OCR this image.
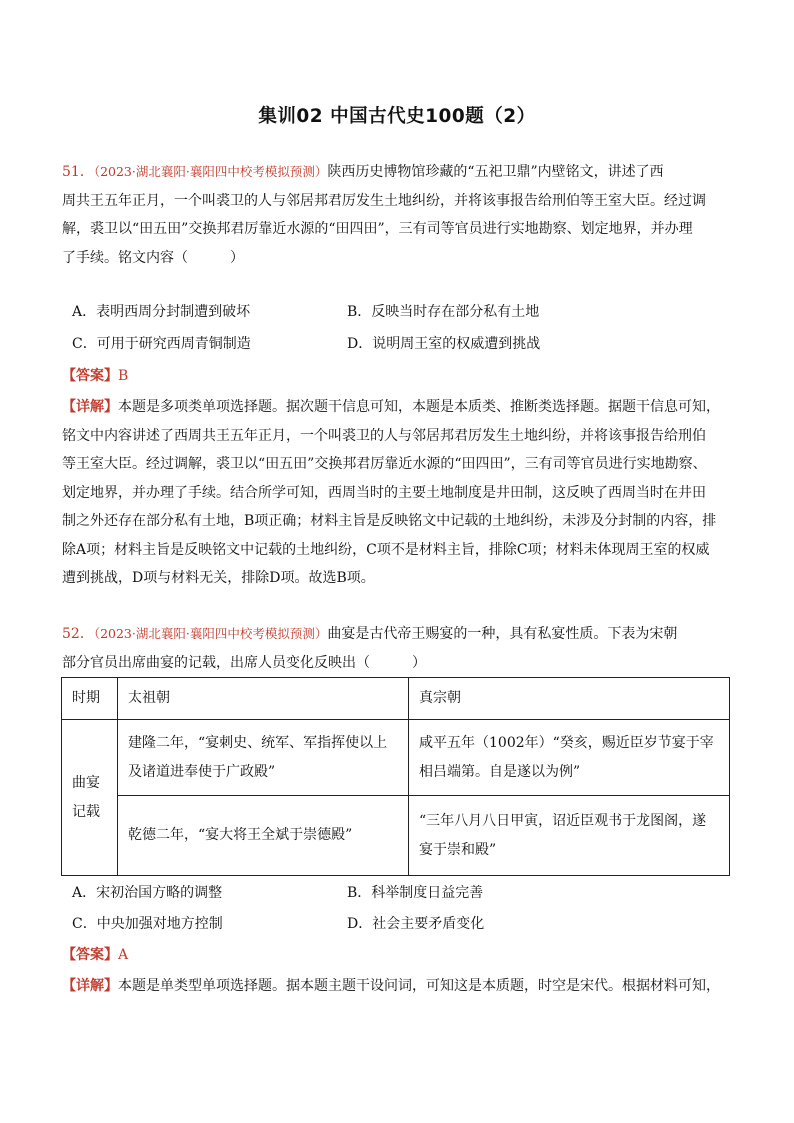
集训02 中国古代史100题（2）
51．（2023·湖北襄阳·襄阳四中校考模拟预测）陕西历史博物馆珍藏的“五祀卫鼎”内壁铭文，讲述了西
周共王五年正月，一个叫裘卫的人与邻居邦君厉发生土地纠纷，并将该事报告给刑伯等王室大臣。经过调
解，裘卫以“田五田”交换邦君厉靠近水源的“田四田”，三有司等官员进行实地勘察、划定地界，并办理
了手续。铭文内容（　　　）
A．表明西周分封制遭到破坏	B．反映当时存在部分私有土地
C．可用于研究西周青铜制造	D．说明周王室的权威遭到挑战
【答案】B
【详解】本题是多项类单项选择题。据次题干信息可知，本题是本质类、推断类选择题。据题干信息可知，
铭文中内容讲述了西周共王五年正月，一个叫裘卫的人与邻居邦君厉发生土地纠纷，并将该事报告给刑伯
等王室大臣。经过调解，裘卫以“田五田”交换邦君厉靠近水源的“田四田”，三有司等官员进行实地勘察、
划定地界，并办理了手续。结合所学可知，西周当时的主要土地制度是井田制，这反映了西周当时在井田
制之外还存在部分私有土地，B项正确；材料主旨是反映铭文中记载的土地纠纷，未涉及分封制的内容，排
除A项；材料主旨是反映铭文中记载的土地纠纷，C项不是材料主旨，排除C项；材料未体现周王室的权威
遭到挑战，D项与材料无关，排除D项。故选B项。
52．（2023·湖北襄阳·襄阳四中校考模拟预测）曲宴是古代帝王赐宴的一种，具有私宴性质。下表为宋朝
部分官员出席曲宴的记载，出席人员变化反映出（　　　）
时期	太祖朝	真宗朝
曲宴
记载	建隆二年，“宴刺史、统军、军指挥使以上及诸道进奉使于广政殿”	咸平五年（1002年）“癸亥，赐近臣岁节宴于宰相吕端第。自是遂以为例”
	乾德二年，“宴大将王全斌于崇德殿”	“三年八月八日甲寅，诏近臣观书于龙图阁，遂宴于崇和殿”
A．宋初治国方略的调整	B．科举制度日益完善
C．中央加强对地方控制	D．社会主要矛盾变化
【答案】A
【详解】本题是单类型单项选择题。据本题主题干设问词，可知这是本质题，时空是宋代。根据材料可知，
